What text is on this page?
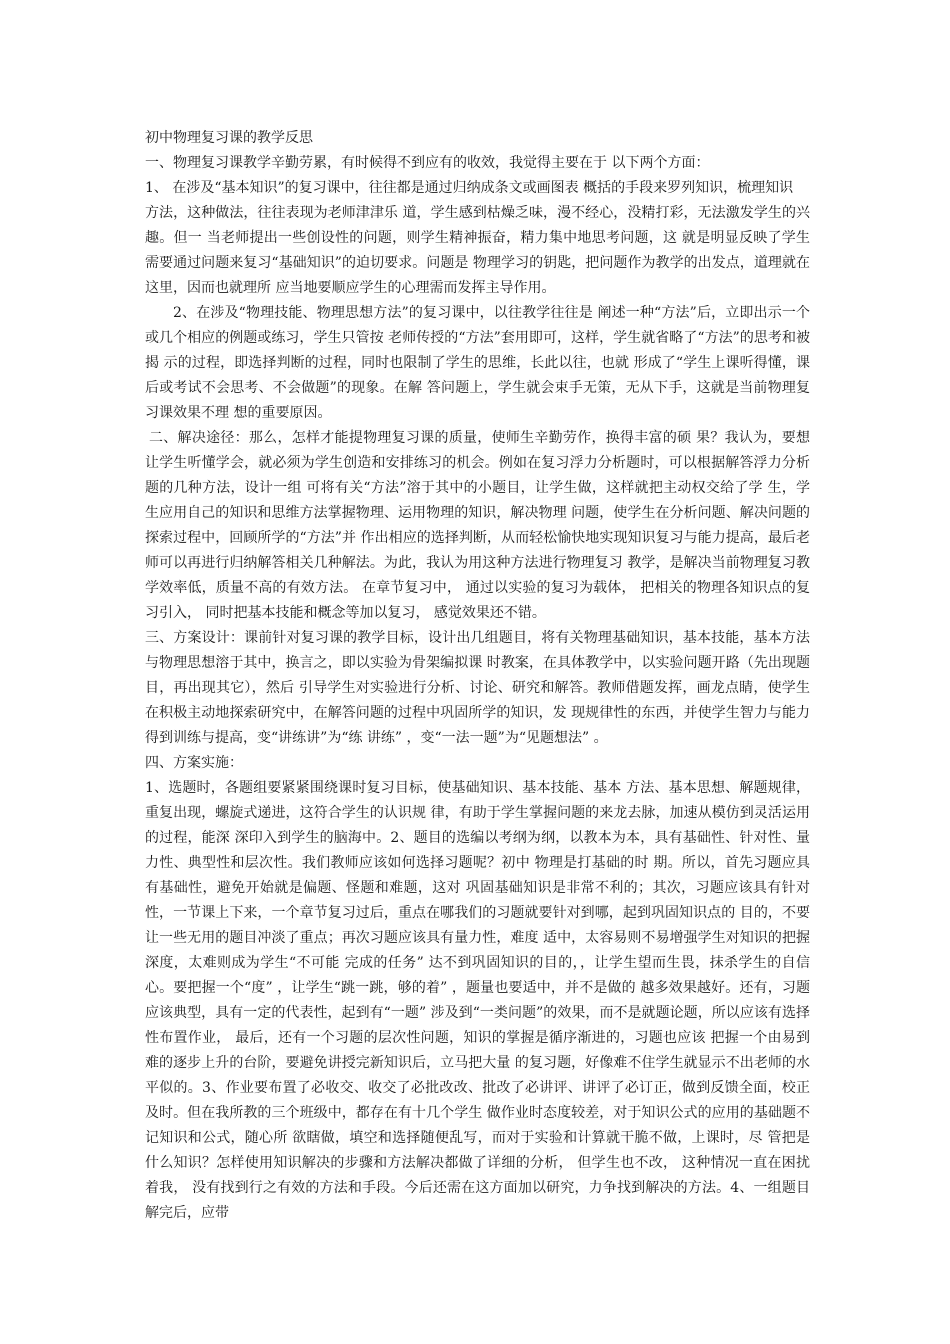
初中物理复习课的教学反思

一、物理复习课教学辛勤劳累，有时候得不到应有的收效，我觉得主要在于 以下两个方面：

1、 在涉及“基本知识”的复习课中，往往都是通过归纳成条文或画图表 概括的手段来罗列知识，梳理知识

方法，这种做法，往往表现为老师津津乐 道，学生感到枯燥乏味，漫不经心，没精打彩，无法激发学生的兴趣。但一 当老师提出一些创设性的问题，则学生精神振奋，精力集中地思考问题，这 就是明显反映了学生需要通过问题来复习“基础知识”的迫切要求。问题是 物理学习的钥匙，把问题作为教学的出发点，道理就在这里，因而也就理所 应当地要顺应学生的心理需而发挥主导作用。

2、在涉及“物理技能、物理思想方法”的复习课中，以往教学往往是 阐述一种“方法”后，立即出示一个或几个相应的例题或练习，学生只管按 老师传授的“方法”套用即可，这样，学生就省略了“方法”的思考和被揭 示的过程，即选择判断的过程，同时也限制了学生的思维，长此以往，也就 形成了“学生上课听得懂，课后或考试不会思考、不会做题”的现象。在解 答问题上，学生就会束手无策，无从下手，这就是当前物理复习课效果不理 想的重要原因。

二、解决途径：那么，怎样才能提物理复习课的质量，使师生辛勤劳作，换得丰富的硕 果？我认为，要想让学生听懂学会，就必须为学生创造和安排练习的机会。例如在复习浮力分析题时，可以根据解答浮力分析题的几种方法，设计一组 可将有关“方法”溶于其中的小题目，让学生做，这样就把主动权交给了学 生，学生应用自己的知识和思维方法掌握物理、运用物理的知识，解决物理 问题，使学生在分析问题、解决问题的探索过程中，回顾所学的“方法”并 作出相应的选择判断，从而轻松愉快地实现知识复习与能力提高，最后老师可以再进行归纳解答相关几种解法。为此，我认为用这种方法进行物理复习 教学，是解决当前物理复习教学效率低，质量不高的有效方法。 在章节复习中， 通过以实验的复习为载体， 把相关的物理各知识点的复习引入， 同时把基本技能和概念等加以复习， 感觉效果还不错。

三、方案设计：课前针对复习课的教学目标，设计出几组题目，将有关物理基础知识，基本技能，基本方法与物理思想溶于其中，换言之，即以实验为骨架编拟课 时教案，在具体教学中，以实验问题开路（先出现题目，再出现其它），然后 引导学生对实验进行分析、讨论、研究和解答。教师借题发挥，画龙点睛，使学生在积极主动地探索研究中，在解答问题的过程中巩固所学的知识，发 现规律性的东西，并使学生智力与能力得到训练与提高，变“讲练讲”为“练 讲练” ，变“一法一题”为“见题想法” 。

四、方案实施：

1、选题时，各题组要紧紧围绕课时复习目标，使基础知识、基本技能、基本 方法、基本思想、解题规律，重复出现，螺旋式递进，这符合学生的认识规 律，有助于学生掌握问题的来龙去脉，加速从模仿到灵活运用的过程，能深 深印入到学生的脑海中。2、题目的选编以考纲为纲，以教本为本，具有基础性、针对性、量力性、典型性和层次性。我们教师应该如何选择习题呢？初中 物理是打基础的时 期。所以，首先习题应具有基础性，避免开始就是偏题、怪题和难题，这对 巩固基础知识是非常不利的；其次，习题应该具有针对性，一节课上下来，一个章节复习过后，重点在哪我们的习题就要针对到哪，起到巩固知识点的 目的，不要让一些无用的题目冲淡了重点；再次习题应该具有量力性，难度 适中，太容易则不易增强学生对知识的把握深度，太难则成为学生“不可能 完成的任务” 达不到巩固知识的目的，，让学生望而生畏，抹杀学生的自信心。要把握一个“度” ，让学生“跳一跳，够的着” ，题量也要适中，并不是做的 越多效果越好。还有，习题应该典型，具有一定的代表性，起到有“一题” 涉及到“一类问题”的效果，而不是就题论题，所以应该有选择性布置作业， 最后，还有一个习题的层次性问题，知识的掌握是循序渐进的，习题也应该 把握一个由易到难的逐步上升的台阶，要避免讲授完新知识后，立马把大量 的复习题，好像难不住学生就显示不出老师的水平似的。3、作业要布置了必收交、收交了必批改改、批改了必讲评、讲评了必订正，做到反馈全面，校正及时。但在我所教的三个班级中，都存在有十几个学生 做作业时态度较差，对于知识公式的应用的基础题不记知识和公式，随心所 欲瞎做，填空和选择随便乱写，而对于实验和计算就干脆不做，上课时，尽 管把是什么知识？怎样使用知识解决的步骤和方法解决都做了详细的分析， 但学生也不改， 这种情况一直在困扰着我， 没有找到行之有效的方法和手段。今后还需在这方面加以研究，力争找到解决的方法。4、一组题目解完后，应带
